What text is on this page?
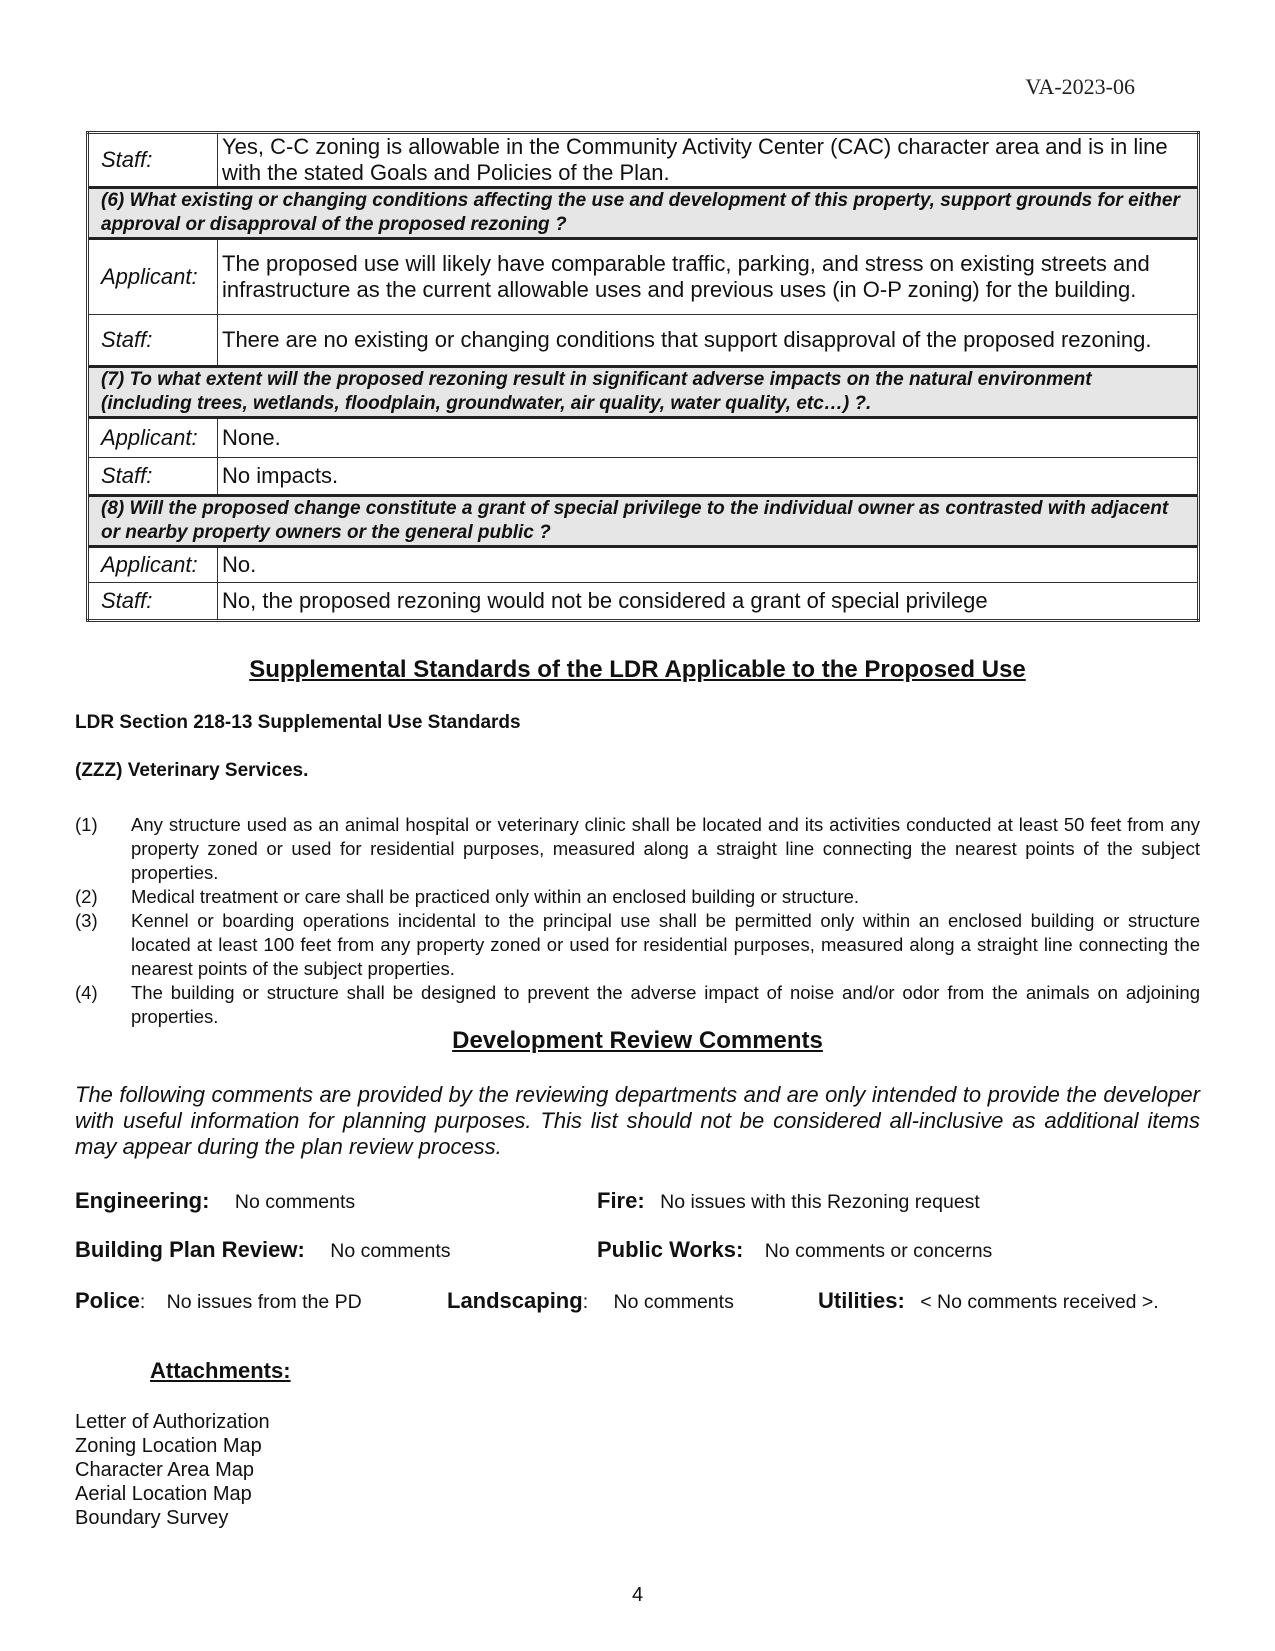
VA-2023-06
Staff:	Yes, C-C zoning is allowable in the Community Activity Center (CAC) character area and is in line with the stated Goals and Policies of the Plan.
(6) What existing or changing conditions affecting the use and development of this property, support grounds for either approval or disapproval of the proposed rezoning ?	
Applicant:	The proposed use will likely have comparable traffic, parking, and stress on existing streets and infrastructure as the current allowable uses and previous uses (in O-P zoning) for the building.
Staff:	There are no existing or changing conditions that support disapproval of the proposed rezoning.
(7) To what extent will the proposed rezoning result in significant adverse impacts on the natural environment (including trees, wetlands, floodplain, groundwater, air quality, water quality, etc…) ?.	
Applicant:	None.
Staff:	No impacts.
(8) Will the proposed change constitute a grant of special privilege to the individual owner as contrasted with adjacent or nearby property owners or the general public ?	
Applicant:	No.
Staff:	No, the proposed rezoning would not be considered a grant of special privilege
Supplemental Standards of the LDR Applicable to the Proposed Use
LDR Section 218-13 Supplemental Use Standards
(ZZZ) Veterinary Services.
(1)	Any structure used as an animal hospital or veterinary clinic shall be located and its activities conducted at least 50 feet from any property zoned or used for residential purposes, measured along a straight line connecting the nearest points of the subject properties.
(2)	Medical treatment or care shall be practiced only within an enclosed building or structure.
(3)	Kennel or boarding operations incidental to the principal use shall be permitted only within an enclosed building or structure located at least 100 feet from any property zoned or used for residential purposes, measured along a straight line connecting the nearest points of the subject properties.
(4)	The building or structure shall be designed to prevent the adverse impact of noise and/or odor from the animals on adjoining properties.
Development Review Comments
The following comments are provided by the reviewing departments and are only intended to provide the developer with useful information for planning purposes. This list should not be considered all-inclusive as additional items may appear during the plan review process.
Engineering: No comments	Fire: No issues with this Rezoning request
Building Plan Review: No comments	Public Works: No comments or concerns
Police: No issues from the PD	Landscaping: No comments	Utilities: < No comments received >.
Attachments:
Letter of Authorization
Zoning Location Map
Character Area Map
Aerial Location Map
Boundary Survey
4
